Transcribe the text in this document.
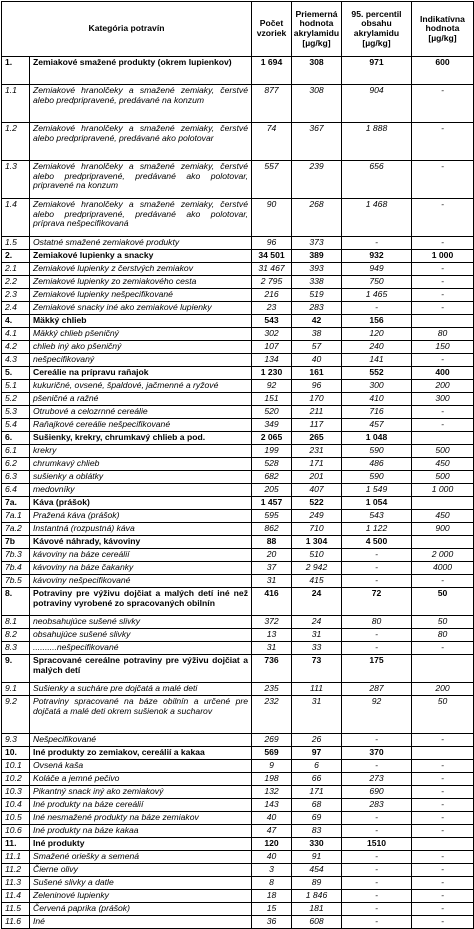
Kategória potravín		Počet vzoriek	Priemerná hodnota akrylamidu [µg/kg]	95. percentil obsahu akrylamidu [µg/kg]	Indikatívna hodnota [µg/kg]
1.	Zemiakové smažené produkty (okrem lupienkov)	1 694	308	971	600
1.1	Zemiakové hranolčeky a smažené zemiaky, čerstvé alebo predpripravené, predávané na konzum	877	308	904	-
1.2	Zemiakové hranolčeky a smažené zemiaky, čerstvé alebo predpripravené, predávané ako polotovar	74	367	1 888	-
1.3	Zemiakové hranolčeky a smažené zemiaky, čerstvé alebo predpripravené, predávané ako polotovar, pripravené na konzum	557	239	656	-
1.4	Zemiakové hranolčeky a smažené zemiaky, čerstvé alebo predpripravené, predávané ako polotovar, príprava nešpecifikovaná	90	268	1 468	-
1.5	Ostatné smažené zemiakové produkty	96	373	-	-
2.	Zemiakové lupienky a snacky	34 501	389	932	1 000
2.1	Zemiakové lupienky z čerstvých zemiakov	31 467	393	949	-
2.2	Zemiakové lupienky zo zemiakového cesta	2 795	338	750	-
2.3	Zemiakové lupienky nešpecifikované	216	519	1 465	-
2.4	Zemiakové snacky iné ako zemiakové lupienky	23	283	-	-
4.	Mäkký chlieb	543	42	156	
4.1	Mäkký chlieb pšeničný	302	38	120	80
4.2	chlieb iný ako pšeničný	107	57	240	150
4.3	nešpecifikovaný	134	40	141	-
5.	Cereálie na prípravu raňajok	1 230	161	552	400
5.1	kukuričné, ovsené, špaldové, jačmenné a ryžové	92	96	300	200
5.2	pšeničné a ražné	151	170	410	300
5.3	Otrubové a celozrnné cereálie	520	211	716	-
5.4	Raňajkové cereálie nešpecifikované	349	117	457	-
6.	Sušienky, krekry, chrumkavý chlieb a pod.	2 065	265	1 048	
6.1	krekry	199	231	590	500
6.2	chrumkavý chlieb	528	171	486	450
6.3	sušienky a oblátky	682	201	590	500
6.4	medovníky	205	407	1 549	1 000
7a.	Káva (prášok)	1 457	522	1 054	
7a.1	Pražená káva (prášok)	595	249	543	450
7a.2	Instantná (rozpustná) káva	862	710	1 122	900
7b	Kávové náhrady, kávoviny	88	1 304	4 500	
7b.3	kávoviny na báze cereálií	20	510	-	2 000
7b.4	kávoviny na báze čakanky	37	2 942	-	4000
7b.5	kávoviny nešpecifikované	31	415	-	-
8.	Potraviny pre výživu dojčiat a malých detí iné než potraviny vyrobené zo spracovaných obilnín	416	24	72	50
8.1	neobsahujúce sušené slivky	372	24	80	50
8.2	obsahujúce sušené slivky	13	31	-	80
8.3	..........nešpecifikované	31	33	-	-
9.	Spracované cereálne potraviny pre výživu dojčiat a malých detí	736	73	175	
9.1	Sušienky a sucháre pre dojčatá a malé deti	235	111	287	200
9.2	Potraviny spracované na báze obilnín a určené pre dojčatá a malé deti okrem sušienok a sucharov	232	31	92	50
9.3	Nešpecifikované	269	26	-	-
10.	Iné produkty zo zemiakov, cereálií a kakaa	569	97	370	
10.1	Ovsená kaša	9	6	-	-
10.2	Koláče a jemné pečivo	198	66	273	-
10.3	Pikantný snack iný ako zemiakový	132	171	690	-
10.4	Iné produkty na báze cereálií	143	68	283	-
10.5	Iné nesmažené produkty na báze zemiakov	40	69	-	-
10.6	Iné produkty na báze kakaa	47	83	-	-
11.	Iné produkty	120	330	1510	
11.1	Smažené oriešky a semená	40	91	-	-
11.2	Čierne olivy	3	454	-	-
11.3	Sušené slivky a datle	8	89	-	-
11.4	Zeleninové lupienky	18	1 846	-	-
11.5	Červená paprika (prášok)	15	181	-	-
11.6	Iné	36	608	-	-
